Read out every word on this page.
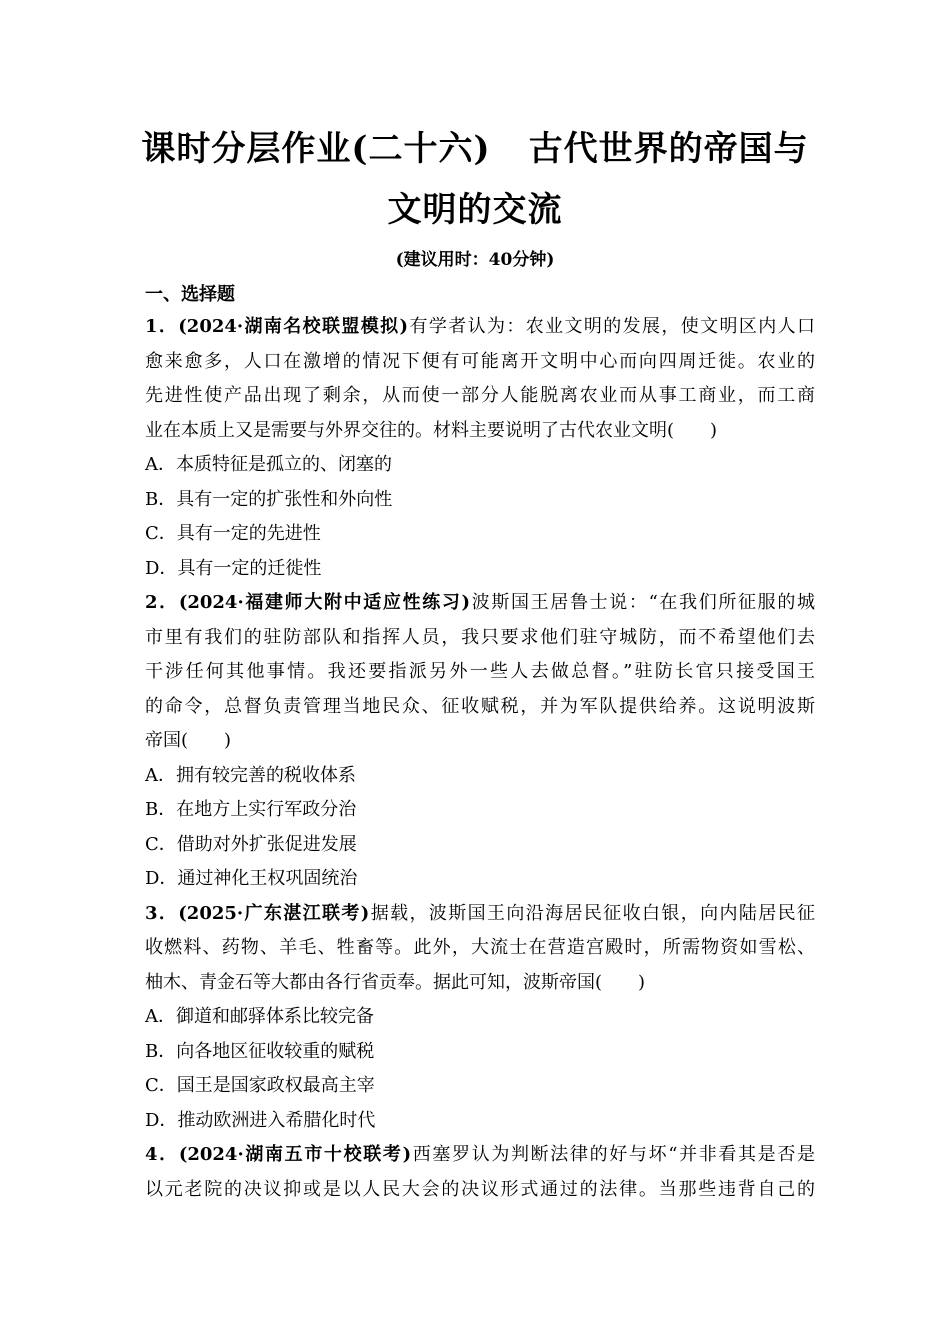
课时分层作业(二十六) 古代世界的帝国与
文明的交流
(建议用时：40分钟)
一、选择题
1．(2024·湖南名校联盟模拟)有学者认为：农业文明的发展，使文明区内人口
愈来愈多，人口在激增的情况下便有可能离开文明中心而向四周迁徙。农业的
先进性使产品出现了剩余，从而使一部分人能脱离农业而从事工商业，而工商
业在本质上又是需要与外界交往的。材料主要说明了古代农业文明( )
A．本质特征是孤立的、闭塞的
B．具有一定的扩张性和外向性
C．具有一定的先进性
D．具有一定的迁徙性
2．(2024·福建师大附中适应性练习)波斯国王居鲁士说：“在我们所征服的城
市里有我们的驻防部队和指挥人员，我只要求他们驻守城防，而不希望他们去
干涉任何其他事情。我还要指派另外一些人去做总督。”驻防长官只接受国王
的命令，总督负责管理当地民众、征收赋税，并为军队提供给养。这说明波斯
帝国( )
A．拥有较完善的税收体系
B．在地方上实行军政分治
C．借助对外扩张促进发展
D．通过神化王权巩固统治
3．(2025·广东湛江联考)据载，波斯国王向沿海居民征收白银，向内陆居民征
收燃料、药物、羊毛、牲畜等。此外，大流士在营造宫殿时，所需物资如雪松、
柚木、青金石等大都由各行省贡奉。据此可知，波斯帝国( )
A．御道和邮驿体系比较完备
B．向各地区征收较重的赋税
C．国王是国家政权最高主宰
D．推动欧洲进入希腊化时代
4．(2024·湖南五市十校联考)西塞罗认为判断法律的好与坏“并非看其是否是
以元老院的决议抑或是以人民大会的决议形式通过的法律。当那些违背自己的
